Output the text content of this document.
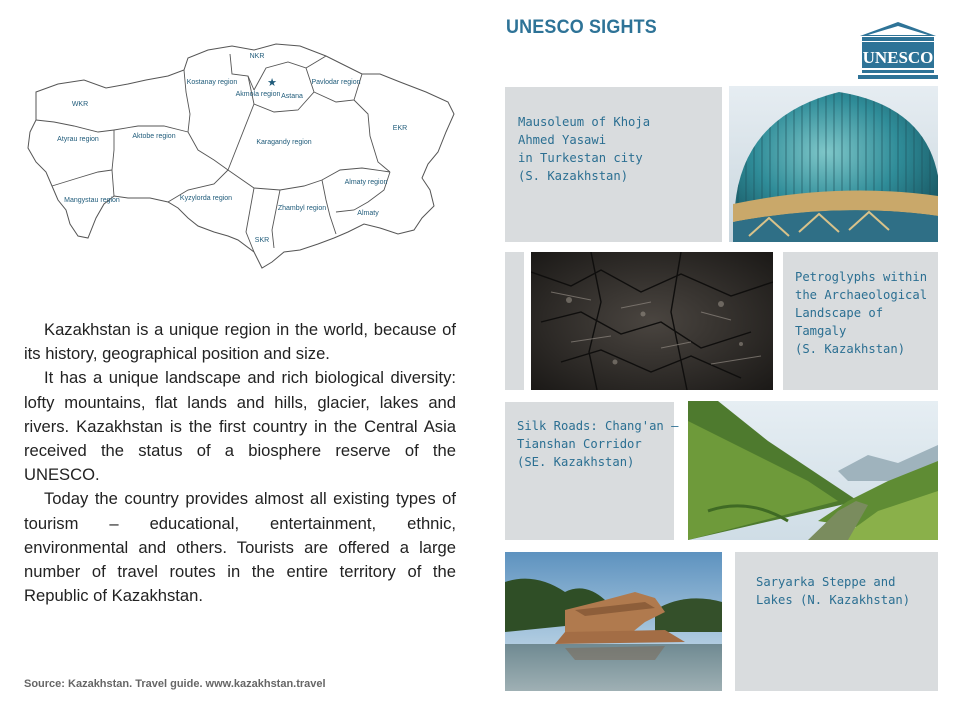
WKR
Atyrau region	Aktobe region
Mangystau region
Kostanay region
NKR
Akmola region Astana
Pavlodar region
EKR
Karagandy region
Kyzylorda region
SKR
Zhambyl region
Almaty region
Almaty
★

Kazakhstan is a unique region in the world, because of its history, geographical position and size.

It has a unique landscape and rich biological diversity: lofty mountains, flat lands and hills, glacier, lakes and rivers. Kazakhstan is the first country in the Central Asia received the status of a biosphere reserve of the UNESCO.

Today the country provides almost all existing types of tourism – educational, entertainment, ethnic, environmental and others. Tourists are offered a large number of travel routes in the entire territory of the Republic of Kazakhstan.

Source: Kazakhstan. Travel guide. www.kazakhstan.travel
UNESCO SIGHTS
UNESCO
Mausoleum of Khoja
Ahmed Yasawi
in Turkestan city
(S. Kazakhstan)
Petroglyphs within
the Archaeological
Landscape of
Tamgaly
(S. Kazakhstan)
Silk Roads: Chang'an –
Tianshan Corridor
(SE. Kazakhstan)
Saryarka Steppe and
Lakes (N. Kazakhstan)
